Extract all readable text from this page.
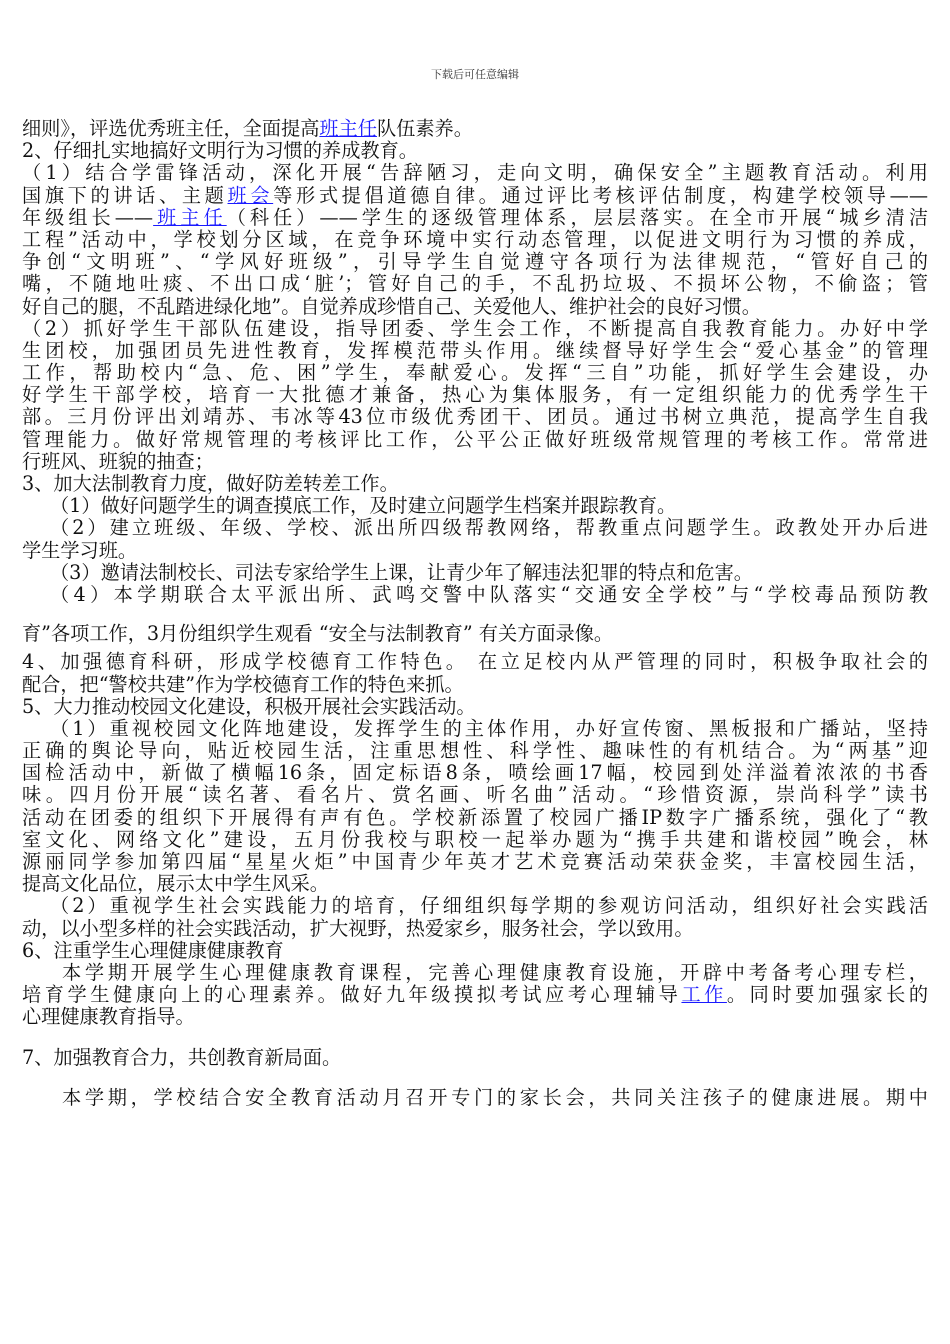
下载后可任意编辑
细则》，评选优秀班主任，全面提高班主任队伍素养。
2、仔细扎实地搞好文明行为习惯的养成教育。
（1）结合学雷锋活动，深化开展“告辞陋习，走向文明，确保安全”主题教育活动。利用
国旗下的讲话、主题班会等形式提倡道德自律。通过评比考核评估制度，构建学校领导——
年级组长——班主任（科任）——学生的逐级管理体系，层层落实。在全市开展“城乡清洁
工程”活动中，学校划分区域，在竞争环境中实行动态管理，以促进文明行为习惯的养成，
争创“文明班”、“学风好班级”，引导学生自觉遵守各项行为法律规范，“管好自己的
嘴，不随地吐痰、不出口成‘脏’；管好自己的手，不乱扔垃圾、不损坏公物，不偷盗；管
好自己的腿，不乱踏进绿化地”。自觉养成珍惜自己、关爱他人、维护社会的良好习惯。
（2）抓好学生干部队伍建设，指导团委、学生会工作，不断提高自我教育能力。办好中学
生团校，加强团员先进性教育，发挥模范带头作用。继续督导好学生会“爱心基金”的管理
工作，帮助校内“急、危、困”学生，奉献爱心。发挥“三自”功能，抓好学生会建设，办
好学生干部学校，培育一大批德才兼备，热心为集体服务，有一定组织能力的优秀学生干
部。三月份评出刘靖苏、韦冰等43位市级优秀团干、团员。通过书树立典范，提高学生自我
管理能力。做好常规管理的考核评比工作，公平公正做好班级常规管理的考核工作。常常进
行班风、班貌的抽查；
3、加大法制教育力度，做好防差转差工作。
（1）做好问题学生的调查摸底工作，及时建立问题学生档案并跟踪教育。
（2）建立班级、年级、学校、派出所四级帮教网络，帮教重点问题学生。政教处开办后进
学生学习班。
（3）邀请法制校长、司法专家给学生上课，让青少年了解违法犯罪的特点和危害。
（4）本学期联合太平派出所、武鸣交警中队落实“交通安全学校”与“学校毒品预防教
育”各项工作，3月份组织学生观看 “安全与法制教育” 有关方面录像。
4、加强德育科研，形成学校德育工作特色。 在立足校内从严管理的同时，积极争取社会的
配合，把“警校共建”作为学校德育工作的特色来抓。
5、大力推动校园文化建设，积极开展社会实践活动。
（1）重视校园文化阵地建设，发挥学生的主体作用，办好宣传窗、黑板报和广播站，坚持
正确的舆论导向，贴近校园生活，注重思想性、科学性、趣味性的有机结合。为“两基”迎
国检活动中，新做了横幅16条，固定标语8条，喷绘画17幅，校园到处洋溢着浓浓的书香
味。四月份开展“读名著、看名片、赏名画、听名曲”活动。“珍惜资源，崇尚科学”读书
活动在团委的组织下开展得有声有色。学校新添置了校园广播IP数字广播系统，强化了“教
室文化、网络文化”建设，五月份我校与职校一起举办题为“携手共建和谐校园”晚会，林
源丽同学参加第四届“星星火炬”中国青少年英才艺术竞赛活动荣获金奖，丰富校园生活，
提高文化品位，展示太中学生风采。
（2）重视学生社会实践能力的培育，仔细组织每学期的参观访问活动，组织好社会实践活
动，以小型多样的社会实践活动，扩大视野，热爱家乡，服务社会，学以致用。
6、注重学生心理健康健康教育
本学期开展学生心理健康教育课程，完善心理健康教育设施，开辟中考备考心理专栏，
培育学生健康向上的心理素养。做好九年级摸拟考试应考心理辅导工作。同时要加强家长的
心理健康教育指导。
7、加强教育合力，共创教育新局面。
本学期，学校结合安全教育活动月召开专门的家长会，共同关注孩子的健康进展。期中
